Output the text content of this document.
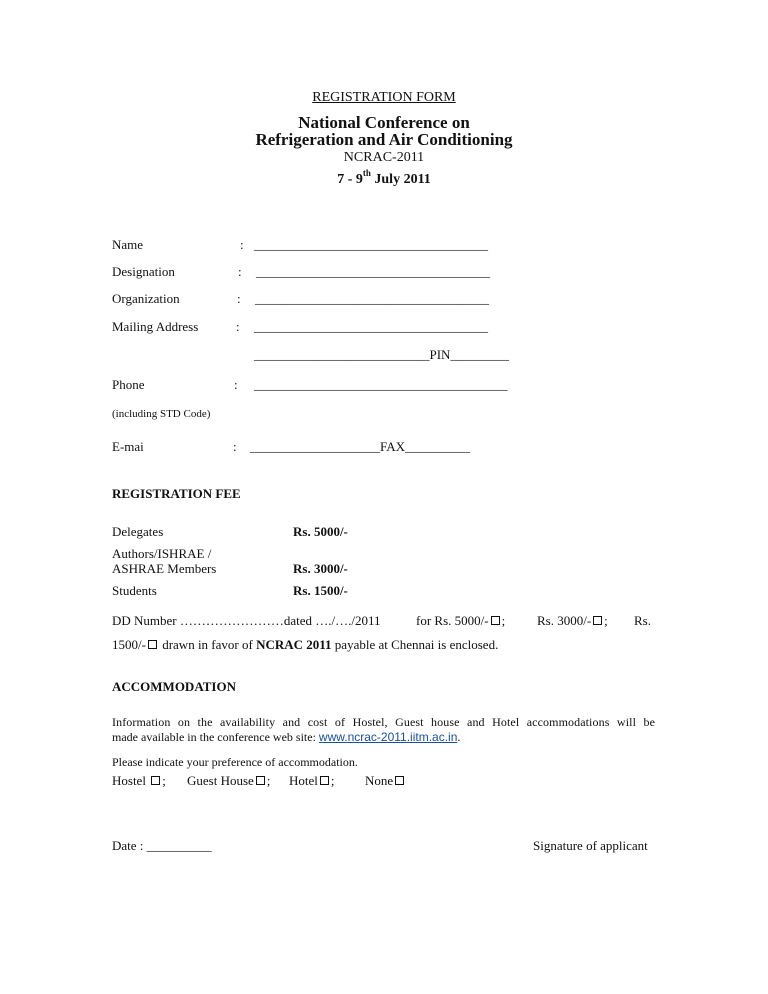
REGISTRATION FORM
National Conference on
Refrigeration and Air Conditioning
NCRAC-2011
7 - 9th July 2011
Name	: ____________________________________
Designation	: ____________________________________
Organization	: ____________________________________
Mailing Address	: ____________________________________
___________________________PIN_________
Phone	: _______________________________________
(including STD Code)
E-mai	: ____________________FAX__________
REGISTRATION FEE
Delegates	Rs. 5000/-
Authors/ISHRAE /
ASHRAE Members	Rs. 3000/-
Students	Rs. 1500/-
DD Number ……………………dated …./…./2011	for Rs. 5000/- ; Rs. 3000/- ; Rs.
1500/- drawn in favor of NCRAC 2011 payable at Chennai is enclosed.
ACCOMMODATION
Information on the availability and cost of Hostel, Guest house and Hotel accommodations will be
made available in the conference web site: www.ncrac-2011.iitm.ac.in.
Please indicate your preference of accommodation.
Hostel ; Guest House ; Hotel ; None
Date : __________	Signature of applicant
